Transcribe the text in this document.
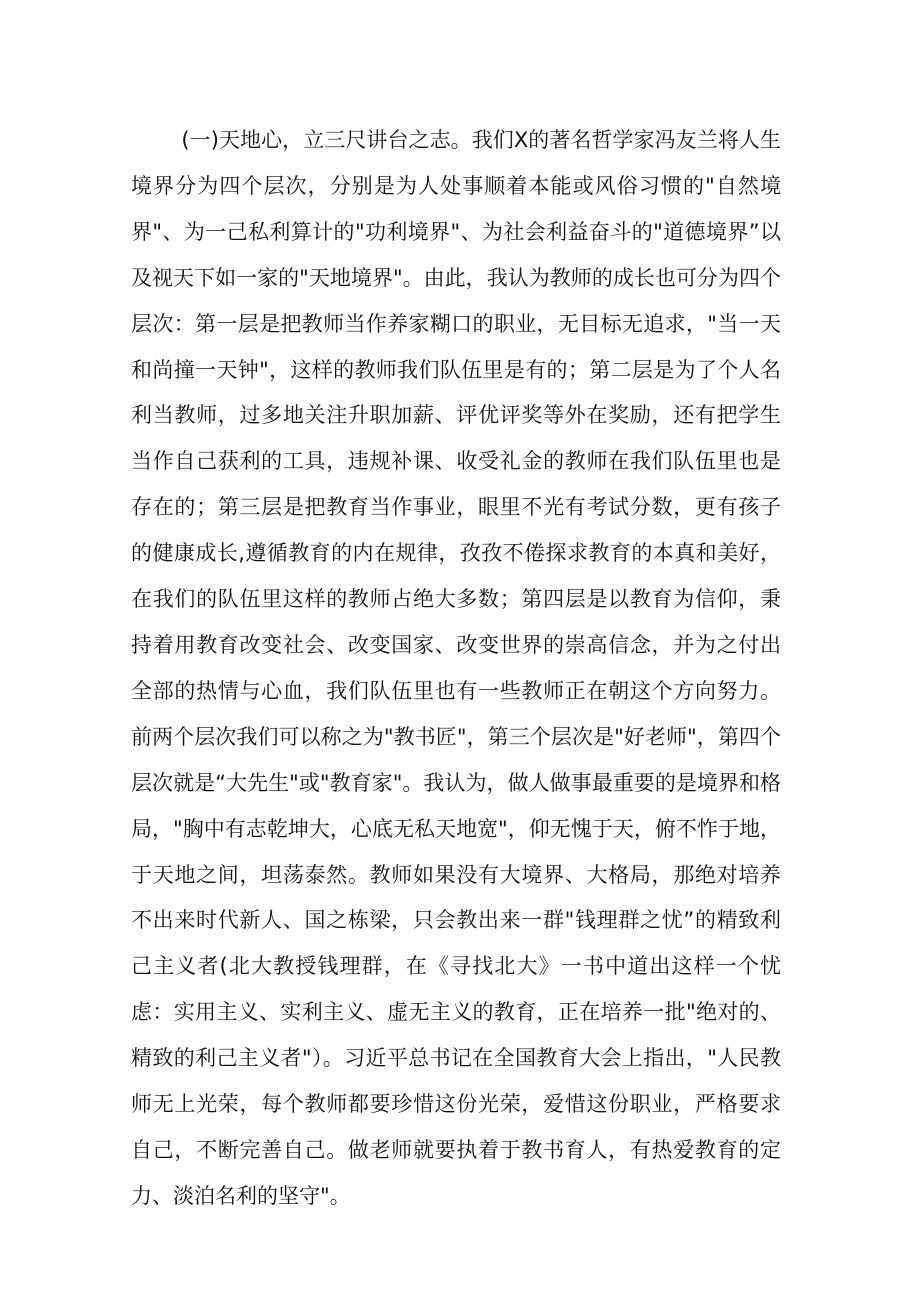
(一)天地心，立三尺讲台之志。我们X的著名哲学家冯友兰将人生境界分为四个层次，分别是为人处事顺着本能或风俗习惯的"自然境界"、为一己私利算计的"功利境界"、为社会利益奋斗的"道德境界”以及视天下如一家的"天地境界"。由此，我认为教师的成长也可分为四个层次：第一层是把教师当作养家糊口的职业，无目标无追求，"当一天和尚撞一天钟"，这样的教师我们队伍里是有的；第二层是为了个人名利当教师，过多地关注升职加薪、评优评奖等外在奖励，还有把学生当作自己获利的工具，违规补课、收受礼金的教师在我们队伍里也是存在的；第三层是把教育当作事业，眼里不光有考试分数，更有孩子的健康成长,遵循教育的内在规律，孜孜不倦探求教育的本真和美好，在我们的队伍里这样的教师占绝大多数；第四层是以教育为信仰，秉持着用教育改变社会、改变国家、改变世界的崇高信念，并为之付出全部的热情与心血，我们队伍里也有一些教师正在朝这个方向努力。前两个层次我们可以称之为"教书匠"，第三个层次是"好老师"，第四个层次就是“大先生"或"教育家"。我认为，做人做事最重要的是境界和格局，"胸中有志乾坤大，心底无私天地宽"，仰无愧于天，俯不怍于地，于天地之间，坦荡泰然。教师如果没有大境界、大格局，那绝对培养不出来时代新人、国之栋梁，只会教出来一群"钱理群之忧”的精致利己主义者(北大教授钱理群，在《寻找北大》一书中道出这样一个忧虑：实用主义、实利主义、虚无主义的教育，正在培养一批"绝对的、精致的利己主义者"）。习近平总书记在全国教育大会上指出，"人民教师无上光荣，每个教师都要珍惜这份光荣，爱惜这份职业，严格要求自己，不断完善自己。做老师就要执着于教书育人，有热爱教育的定力、淡泊名利的坚守"。
